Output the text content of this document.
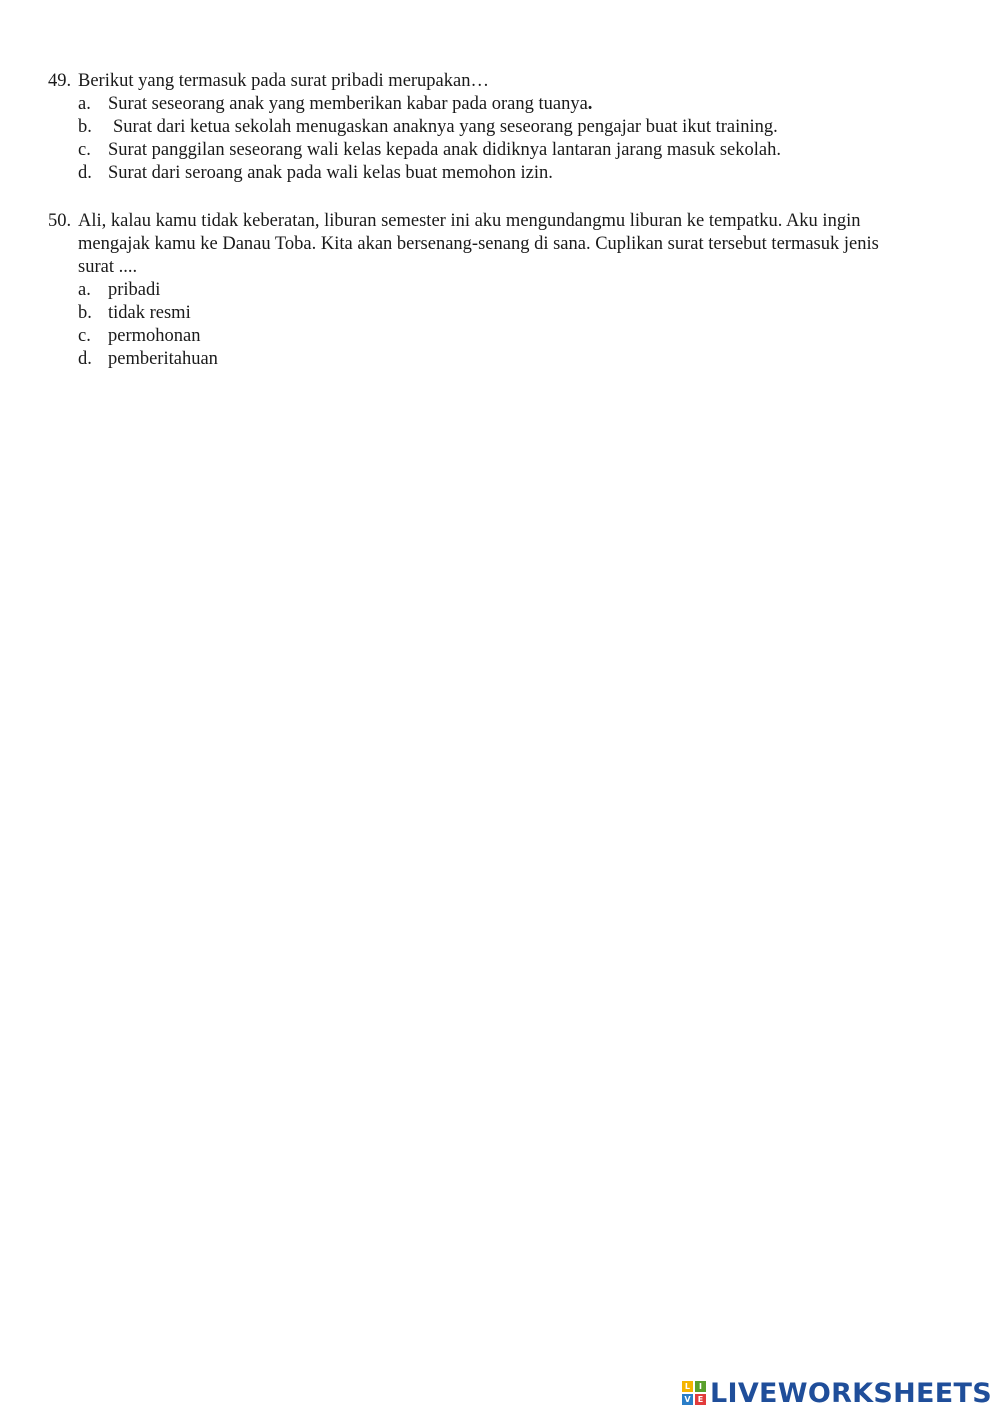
49. Berikut yang termasuk pada surat pribadi merupakan…
a. Surat seseorang anak yang memberikan kabar pada orang tuanya.
b.	Surat dari ketua sekolah menugaskan anaknya yang seseorang pengajar buat ikut training.
c. Surat panggilan seseorang wali kelas kepada anak didiknya lantaran jarang masuk sekolah.
d. Surat dari seroang anak pada wali kelas buat memohon izin.
50. Ali, kalau kamu tidak keberatan, liburan semester ini aku mengundangmu liburan ke tempatku. Aku ingin mengajak kamu ke Danau Toba. Kita akan bersenang-senang di sana. Cuplikan surat tersebut termasuk jenis surat ....
a. pribadi
b. tidak resmi
c. permohonan
d. pemberitahuan
L	I
V E LIVEWORKSHEETS
